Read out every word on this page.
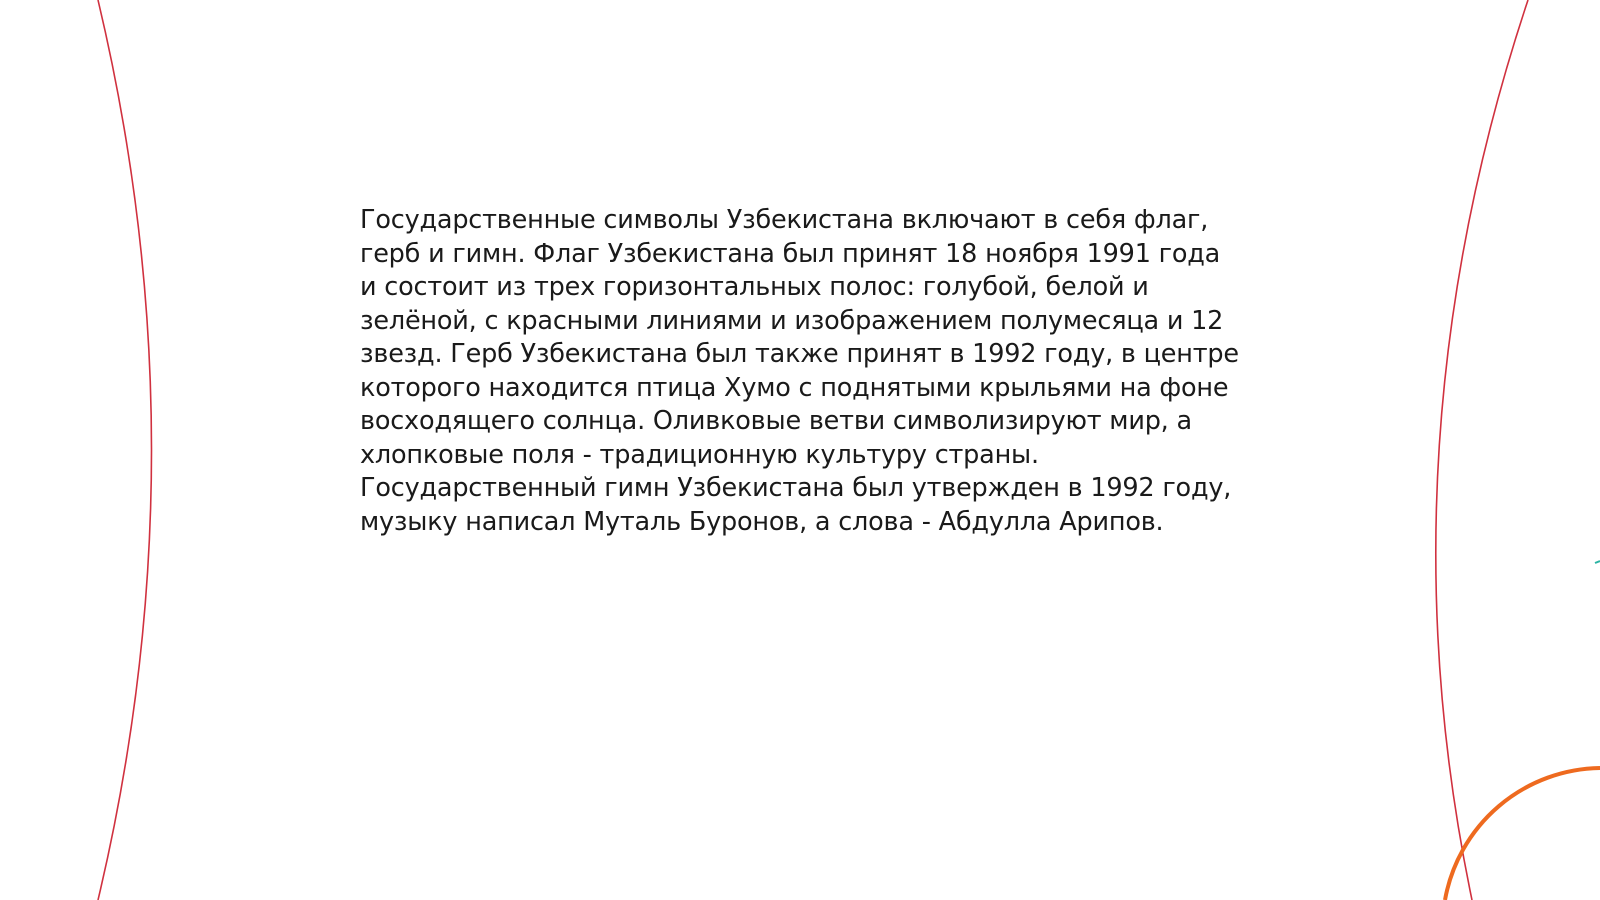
Государственные символы Узбекистана включают в себя флаг, герб и гимн. Флаг Узбекистана был принят 18 ноября 1991 года и состоит из трех горизонтальных полос: голубой, белой и зелёной, с красными линиями и изображением полумесяца и 12 звезд. Герб Узбекистана был также принят в 1992 году, в центре которого находится птица Хумо с поднятыми крыльями на фоне восходящего солнца. Оливковые ветви символизируют мир, а хлопковые поля - традиционную культуру страны. Государственный гимн Узбекистана был утвержден в 1992 году, музыку написал Муталь Буронов, а слова - Абдулла Арипов.
